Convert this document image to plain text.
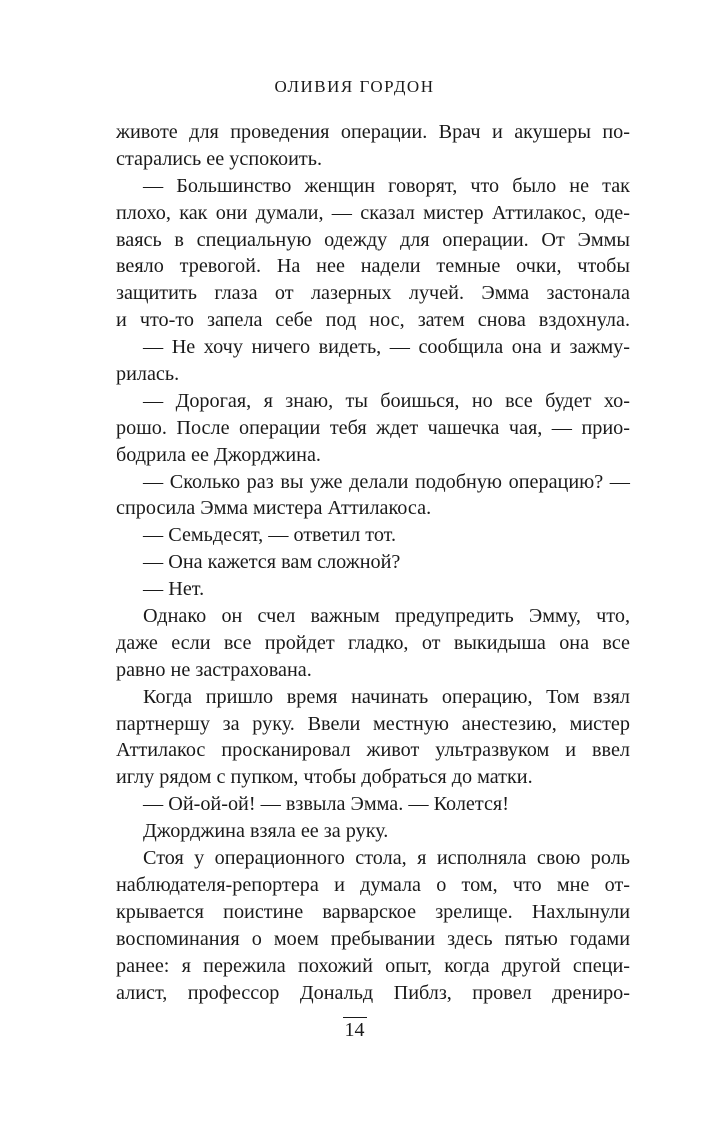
ОЛИВИЯ ГОРДОН
животе для проведения операции. Врач и акушеры по-
старались ее успокоить.
— Большинство женщин говорят, что было не так
плохо, как они думали, — сказал мистер Аттилакос, оде-
ваясь в специальную одежду для операции. От Эммы
веяло тревогой. На нее надели темные очки, чтобы
защитить глаза от лазерных лучей. Эмма застонала
и что-то запела себе под нос, затем снова вздохнула.
— Не хочу ничего видеть, — сообщила она и зажму-
рилась.
— Дорогая, я знаю, ты боишься, но все будет хо-
рошо. После операции тебя ждет чашечка чая, — прио-
бодрила ее Джорджина.
— Сколько раз вы уже делали подобную операцию? —
спросила Эмма мистера Аттилакоса.
— Семьдесят, — ответил тот.
— Она кажется вам сложной?
— Нет.
Однако он счел важным предупредить Эмму, что,
даже если все пройдет гладко, от выкидыша она все
равно не застрахована.
Когда пришло время начинать операцию, Том взял
партнершу за руку. Ввели местную анестезию, мистер
Аттилакос просканировал живот ультразвуком и ввел
иглу рядом с пупком, чтобы добраться до матки.
— Ой-ой-ой! — взвыла Эмма. — Колется!
Джорджина взяла ее за руку.
Стоя у операционного стола, я исполняла свою роль
наблюдателя-репортера и думала о том, что мне от-
крывается поистине варварское зрелище. Нахлынули
воспоминания о моем пребывании здесь пятью годами
ранее: я пережила похожий опыт, когда другой специ-
алист, профессор Дональд Пиблз, провел дрениро-
14
